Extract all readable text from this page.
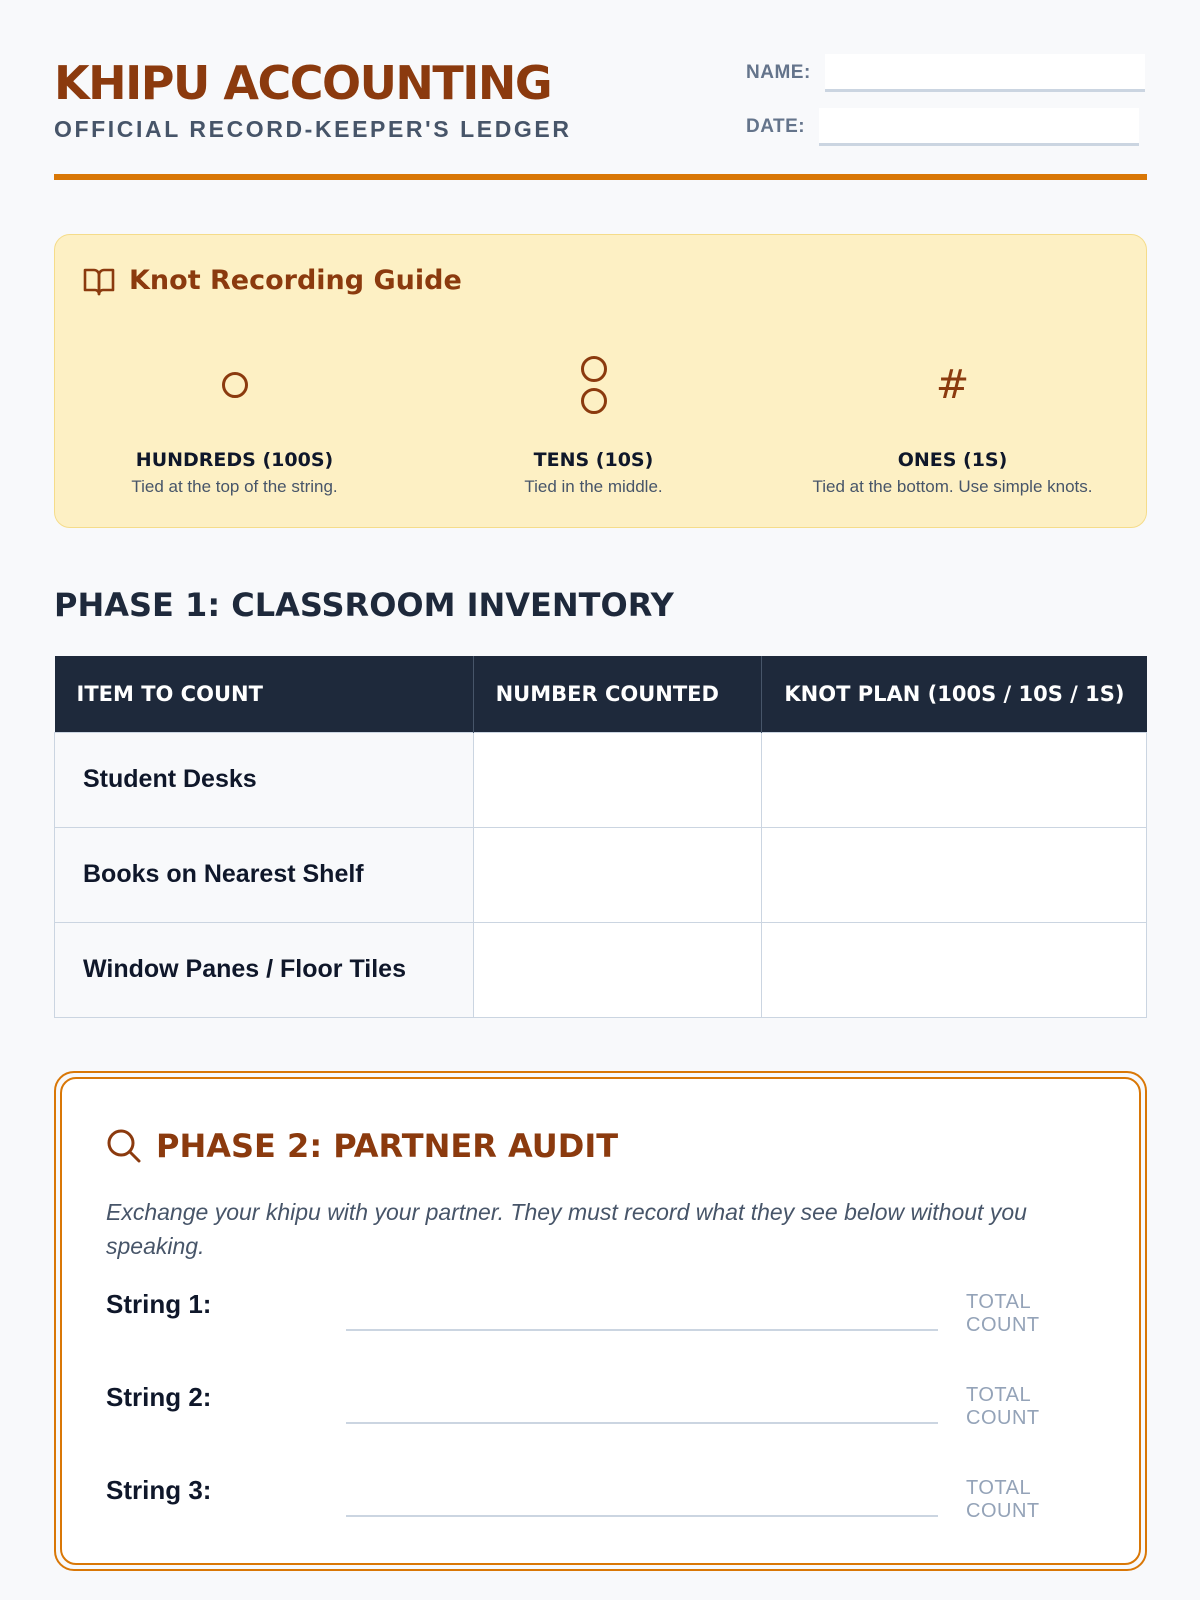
KHIPU ACCOUNTING
OFFICIAL RECORD-KEEPER'S LEDGER
NAME:
DATE:
Knot Recording Guide
HUNDREDS (100S)
Tied at the top of the string.
TENS (10S)
Tied in the middle.
#
ONES (1S)
Tied at the bottom. Use simple knots.
PHASE 1: CLASSROOM INVENTORY
ITEM TO COUNT	NUMBER COUNTED	KNOT PLAN (100S / 10S / 1S)
Student Desks		
Books on Nearest Shelf		
Window Panes / Floor Tiles		
PHASE 2: PARTNER AUDIT
Exchange your khipu with your partner. They must record what they see below without you speaking.
String 1:	TOTAL COUNT
String 2:	TOTAL COUNT
String 3:	TOTAL COUNT
